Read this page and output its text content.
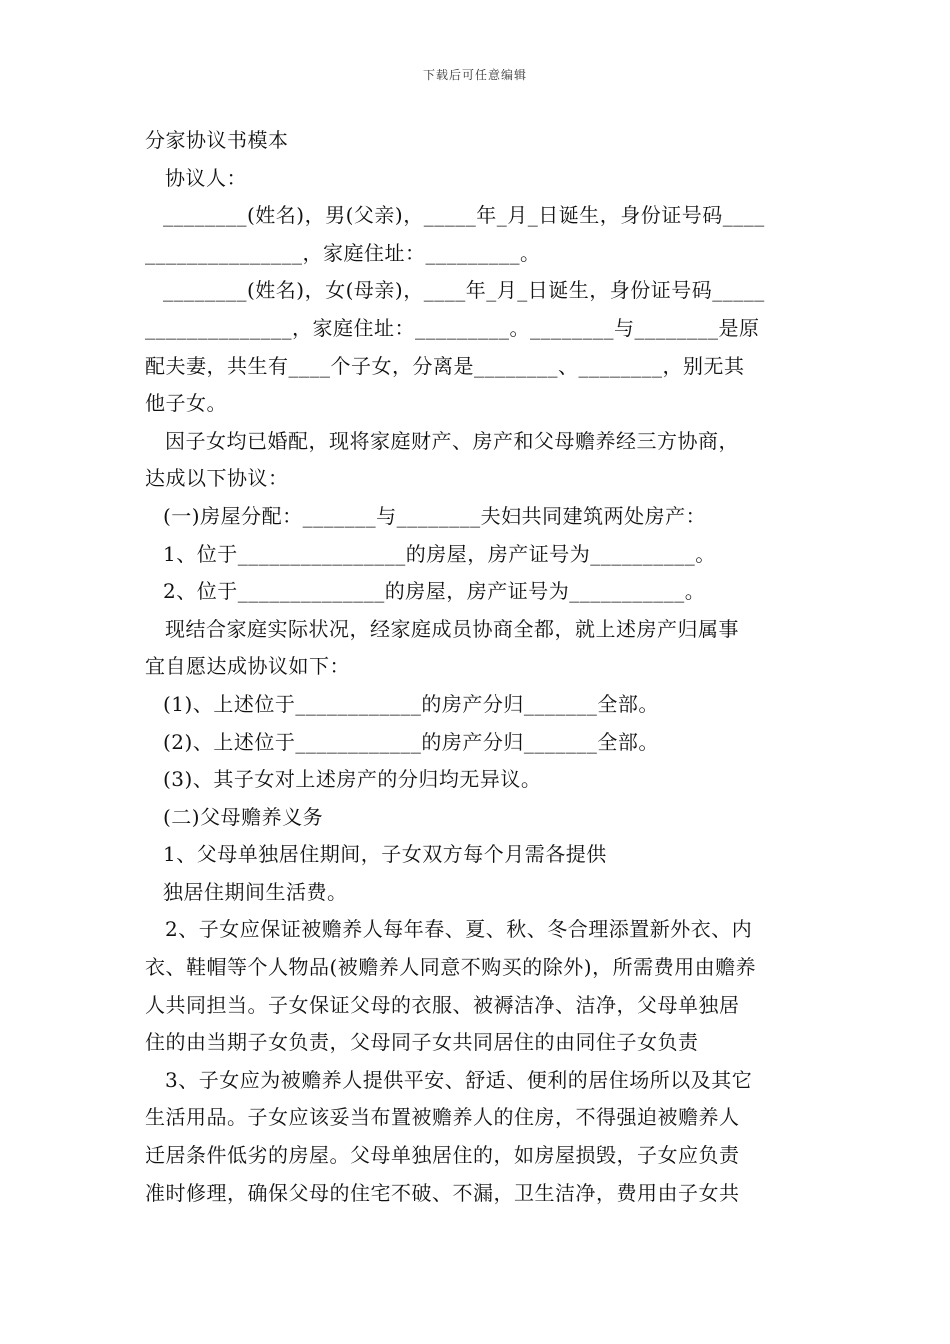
下载后可任意编辑
分家协议书模本
协议人：
________(姓名)，男(父亲)，_____年_月_日诞生，身份证号码____
_______________，家庭住址：_________。
________(姓名)，女(母亲)，____年_月_日诞生，身份证号码_____
______________，家庭住址：_________。________与________是原
配夫妻，共生有____个子女，分离是________、________，别无其
他子女。
因子女均已婚配，现将家庭财产、房产和父母赡养经三方协商，
达成以下协议：
(一)房屋分配：_______与________夫妇共同建筑两处房产：
1、位于________________的房屋，房产证号为__________。
2、位于______________的房屋，房产证号为___________。
现结合家庭实际状况，经家庭成员协商全都，就上述房产归属事
宜自愿达成协议如下：
(1)、上述位于____________的房产分归_______全部。
(2)、上述位于____________的房产分归_______全部。
(3)、其子女对上述房产的分归均无异议。
(二)父母赡养义务
1、父母单独居住期间，子女双方每个月需各提供
独居住期间生活费。
2、子女应保证被赡养人每年春、夏、秋、冬合理添置新外衣、内
衣、鞋帽等个人物品(被赡养人同意不购买的除外)，所需费用由赡养
人共同担当。子女保证父母的衣服、被褥洁净、洁净，父母单独居
住的由当期子女负责，父母同子女共同居住的由同住子女负责
3、子女应为被赡养人提供平安、舒适、便利的居住场所以及其它
生活用品。子女应该妥当布置被赡养人的住房，不得强迫被赡养人
迁居条件低劣的房屋。父母单独居住的，如房屋损毁，子女应负责
准时修理，确保父母的住宅不破、不漏，卫生洁净，费用由子女共
